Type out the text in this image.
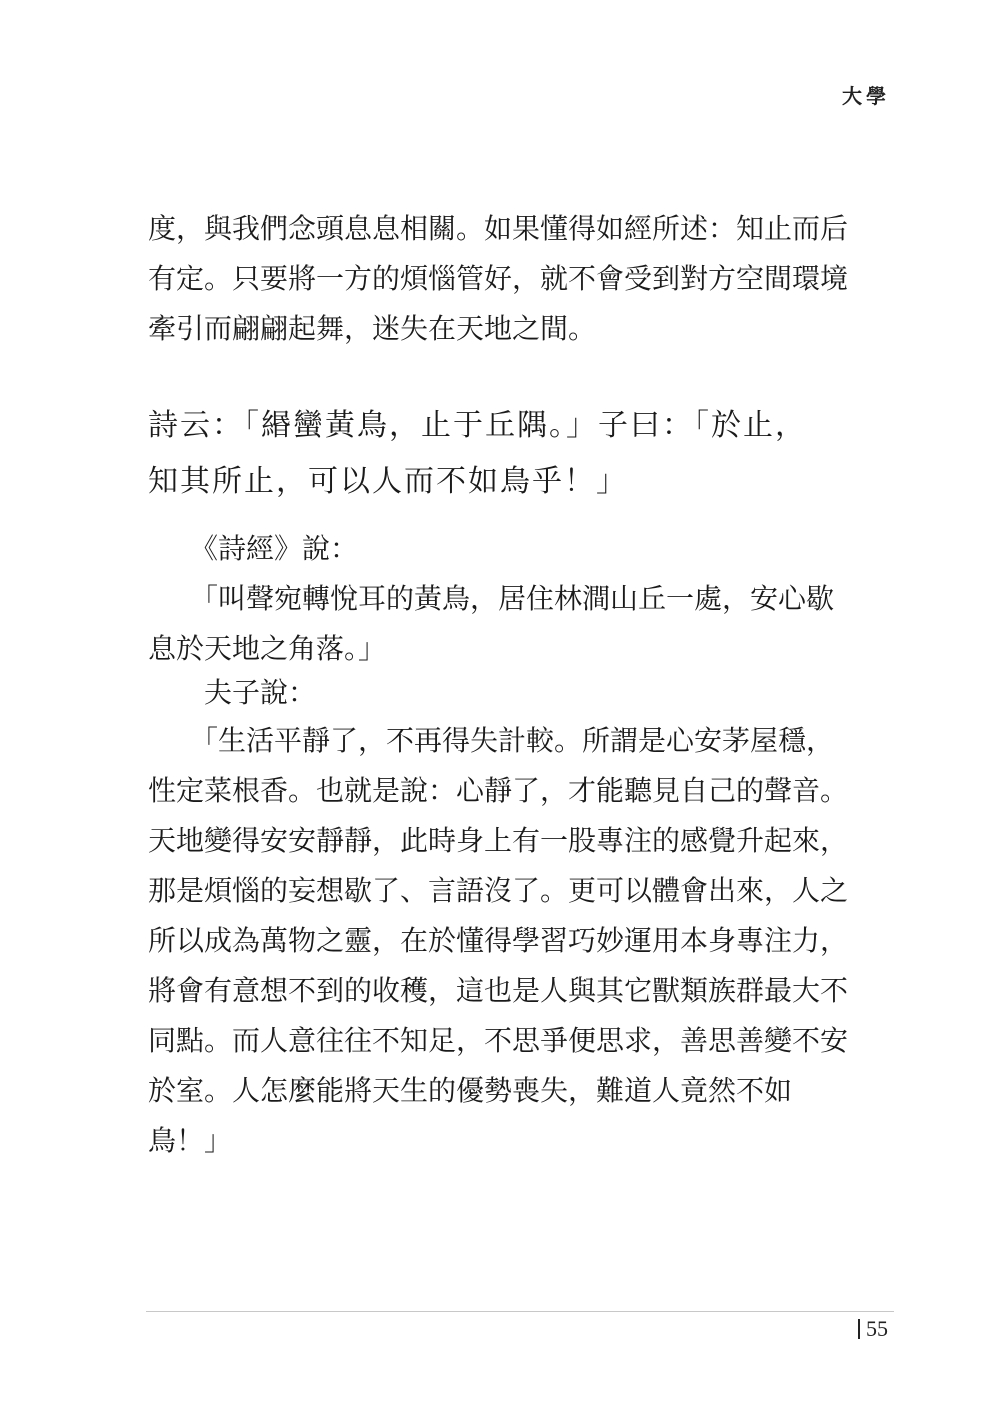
大學

度，與我們念頭息息相關。如果懂得如經所述：知止而后
有定。只要將一方的煩惱管好，就不會受到對方空間環境
牽引而翩翩起舞，迷失在天地之間。

詩云：「緡蠻黃鳥，止于丘隅。」子曰：「於止，
知其所止，可以人而不如鳥乎！」

　　《詩經》說：

　　「叫聲宛轉悅耳的黃鳥，居住林澗山丘一處，安心歇
息於天地之角落。」

　　夫子說：

　　「生活平靜了，不再得失計較。所謂是心安茅屋穩，
性定菜根香。也就是說：心靜了，才能聽見自己的聲音。
天地變得安安靜靜，此時身上有一股專注的感覺升起來，
那是煩惱的妄想歇了、言語沒了。更可以體會出來，人之
所以成為萬物之靈，在於懂得學習巧妙運用本身專注力，
將會有意想不到的收穫，這也是人與其它獸類族群最大不
同點。而人意往往不知足，不思爭便思求，善思善變不安
於室。人怎麼能將天生的優勢喪失，難道人竟然不如
鳥！」

55
